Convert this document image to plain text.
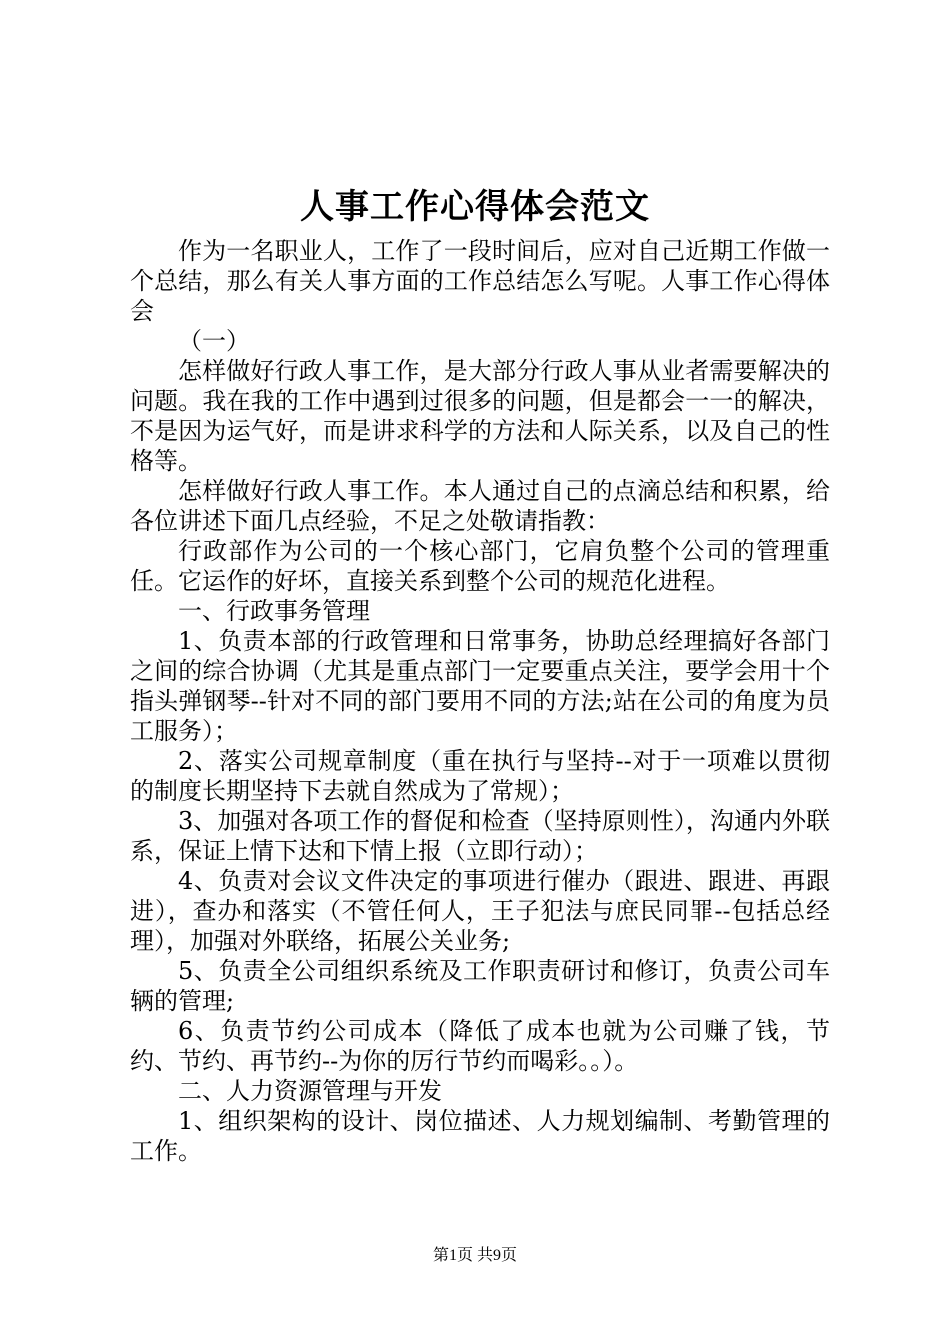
人事工作心得体会范文

作为一名职业人，工作了一段时间后，应对自己近期工作做一个总结，那么有关人事方面的工作总结怎么写呢。人事工作心得体会

（一）

怎样做好行政人事工作，是大部分行政人事从业者需要解决的问题。我在我的工作中遇到过很多的问题，但是都会一一的解决，不是因为运气好，而是讲求科学的方法和人际关系，以及自己的性格等。

怎样做好行政人事工作。本人通过自己的点滴总结和积累，给各位讲述下面几点经验，不足之处敬请指教：

行政部作为公司的一个核心部门，它肩负整个公司的管理重任。它运作的好坏，直接关系到整个公司的规范化进程。

一、行政事务管理

1、负责本部的行政管理和日常事务，协助总经理搞好各部门之间的综合协调（尤其是重点部门一定要重点关注，要学会用十个指头弹钢琴--针对不同的部门要用不同的方法;站在公司的角度为员工服务）；

2、落实公司规章制度（重在执行与坚持--对于一项难以贯彻的制度长期坚持下去就自然成为了常规）；

3、加强对各项工作的督促和检查（坚持原则性），沟通内外联系，保证上情下达和下情上报（立即行动）；

4、负责对会议文件决定的事项进行催办（跟进、跟进、再跟进），查办和落实（不管任何人，王子犯法与庶民同罪--包括总经理），加强对外联络，拓展公关业务;

5、负责全公司组织系统及工作职责研讨和修订，负责公司车辆的管理;

6、负责节约公司成本（降低了成本也就为公司赚了钱，节约、节约、再节约--为你的厉行节约而喝彩。。）。

二、人力资源管理与开发

1、组织架构的设计、岗位描述、人力规划编制、考勤管理的工作。

第1页 共9页
